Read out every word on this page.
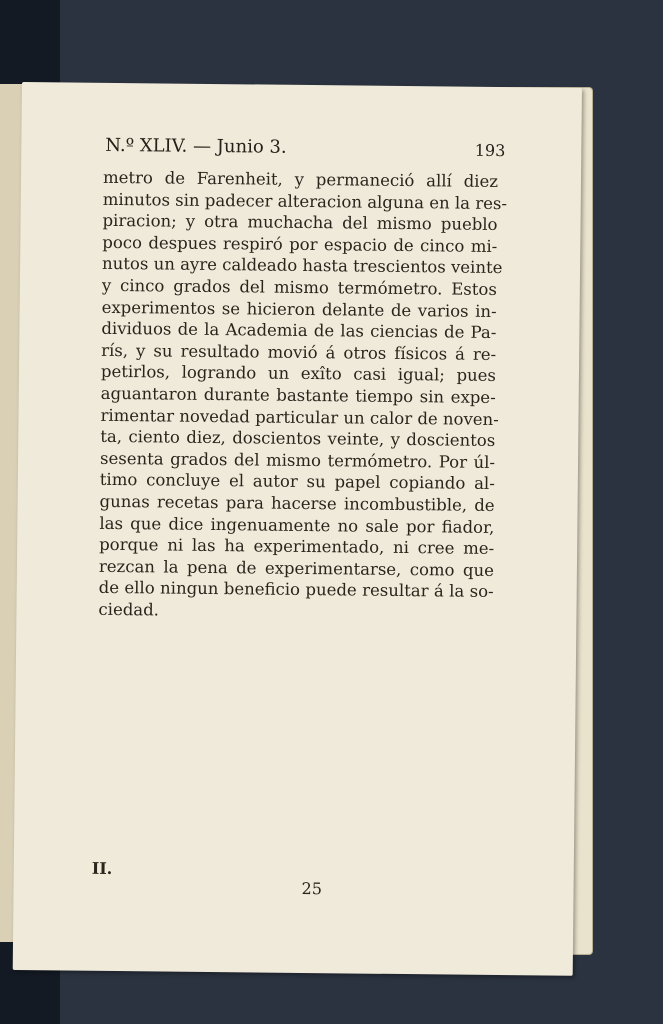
N.º XLIV. — Junio 3.	193
metro de Farenheit, y permaneció allí diez
minutos sin padecer alteracion alguna en la res-
piracion; y otra muchacha del mismo pueblo
poco despues respiró por espacio de cinco mi-
nutos un ayre caldeado hasta trescientos veinte
y cinco grados del mismo termómetro. Estos
experimentos se hicieron delante de varios in-
dividuos de la Academia de las ciencias de Pa-
rís, y su resultado movió á otros físicos á re-
petirlos, logrando un exîto casi igual; pues
aguantaron durante bastante tiempo sin expe-
rimentar novedad particular un calor de noven-
ta, ciento diez, doscientos veinte, y doscientos
sesenta grados del mismo termómetro. Por úl-
timo concluye el autor su papel copiando al-
gunas recetas para hacerse incombustible, de
las que dice ingenuamente no sale por fiador,
porque ni las ha experimentado, ni cree me-
rezcan la pena de experimentarse, como que
de ello ningun beneficio puede resultar á la so-
ciedad.
II.
25
